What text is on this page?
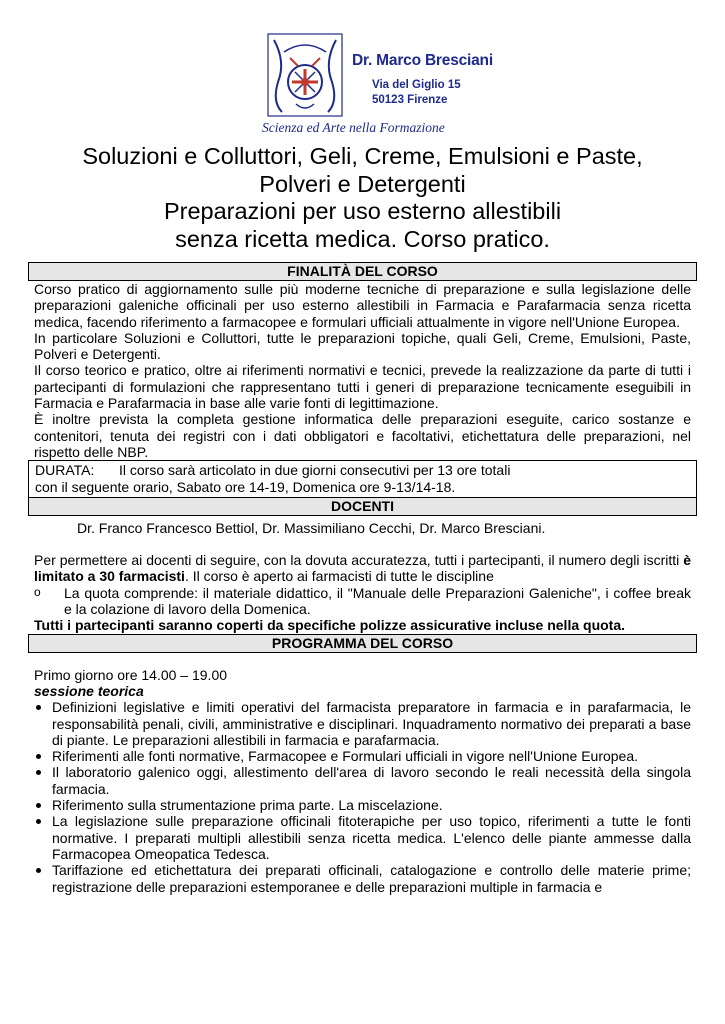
Dr. Marco Bresciani
Via del Giglio 15
50123 Firenze
Scienza ed Arte nella Formazione
Soluzioni e Colluttori, Geli, Creme, Emulsioni e Paste,
Polveri e Detergenti
Preparazioni per uso esterno allestibili
senza ricetta medica. Corso pratico.
FINALITÀ DEL CORSO
Corso pratico di aggiornamento sulle più moderne tecniche di preparazione e sulla legislazione delle preparazioni galeniche officinali per uso esterno allestibili in Farmacia e Parafarmacia senza ricetta medica, facendo riferimento a farmacopee e formulari ufficiali attualmente in vigore nell'Unione Europea.
In particolare Soluzioni e Colluttori, tutte le preparazioni topiche, quali Geli, Creme, Emulsioni, Paste, Polveri e Detergenti.
Il corso teorico e pratico, oltre ai riferimenti normativi e tecnici, prevede la realizzazione da parte di tutti i partecipanti di formulazioni che rappresentano tutti i generi di preparazione tecnicamente eseguibili in Farmacia e Parafarmacia in base alle varie fonti di legittimazione.
È inoltre prevista la completa gestione informatica delle preparazioni eseguite, carico sostanze e contenitori, tenuta dei registri con i dati obbligatori e facoltativi, etichettatura delle preparazioni, nel rispetto delle NBP.
DURATA: Il corso sarà articolato in due giorni consecutivi per 13 ore totali
con il seguente orario, Sabato ore 14-19, Domenica ore 9-13/14-18.
DOCENTI
Dr. Franco Francesco Bettiol, Dr. Massimiliano Cecchi, Dr. Marco Bresciani.
Per permettere ai docenti di seguire, con la dovuta accuratezza, tutti i partecipanti, il numero degli iscritti è limitato a 30 farmacisti. Il corso è aperto ai farmacisti di tutte le discipline
o La quota comprende: il materiale didattico, il "Manuale delle Preparazioni Galeniche", i coffee break e la colazione di lavoro della Domenica.
Tutti i partecipanti saranno coperti da specifiche polizze assicurative incluse nella quota.
PROGRAMMA DEL CORSO
Primo giorno ore 14.00 – 19.00
sessione teorica
Definizioni legislative e limiti operativi del farmacista preparatore in farmacia e in parafarmacia, le responsabilità penali, civili, amministrative e disciplinari. Inquadramento normativo dei preparati a base di piante. Le preparazioni allestibili in farmacia e parafarmacia.
Riferimenti alle fonti normative, Farmacopee e Formulari ufficiali in vigore nell'Unione Europea.
Il laboratorio galenico oggi, allestimento dell'area di lavoro secondo le reali necessità della singola farmacia.
Riferimento sulla strumentazione prima parte. La miscelazione.
La legislazione sulle preparazione officinali fitoterapiche per uso topico, riferimenti a tutte le fonti normative. I preparati multipli allestibili senza ricetta medica. L'elenco delle piante ammesse dalla Farmacopea Omeopatica Tedesca.
Tariffazione ed etichettatura dei preparati officinali, catalogazione e controllo delle materie prime; registrazione delle preparazioni estemporanee e delle preparazioni multiple in farmacia e
